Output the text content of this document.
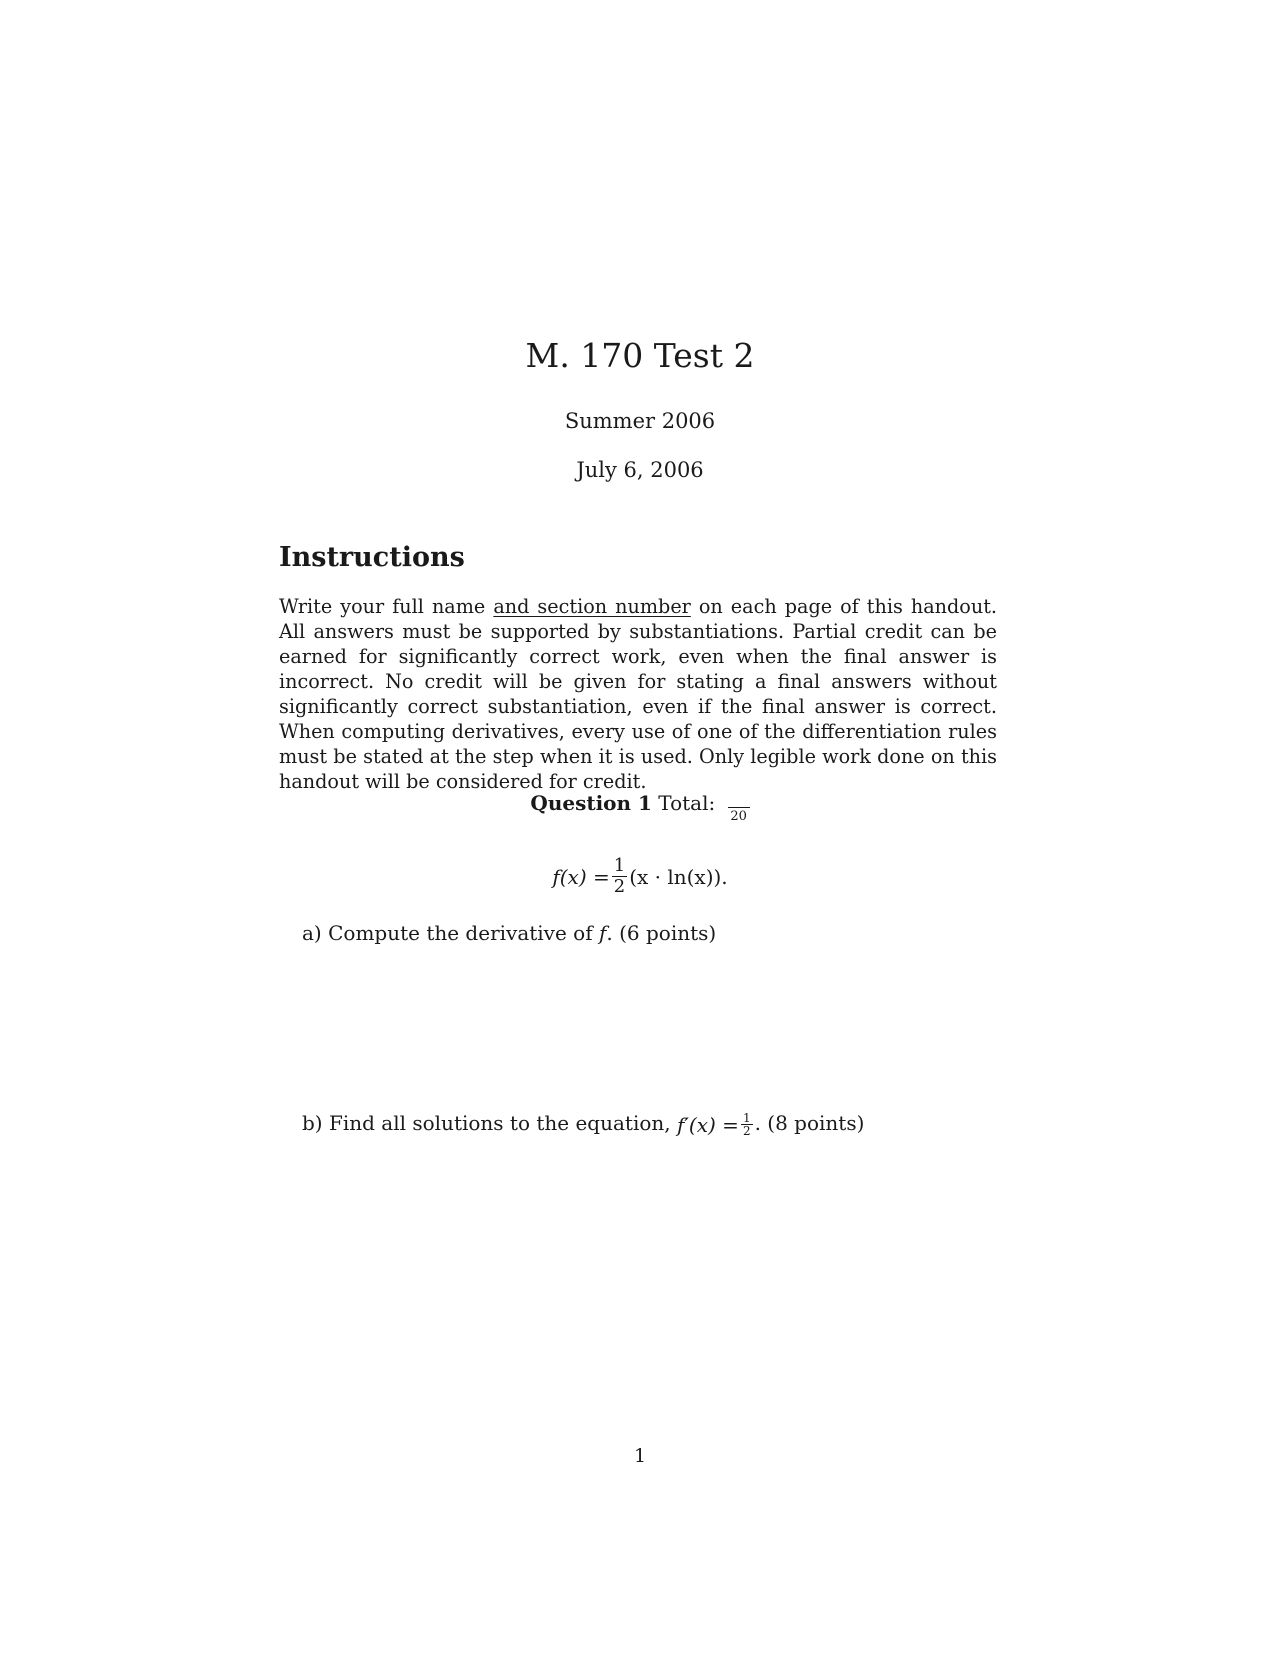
M. 170 Test 2
Summer 2006
July 6, 2006
Instructions
Write your full name and section number on each page of this handout. All answers must be supported by substantiations. Partial credit can be earned for significantly correct work, even when the final answer is incorrect. No credit will be given for stating a final answers without significantly correct substantiation, even if the final answer is correct. When computing derivatives, every use of one of the differentiation rules must be stated at the step when it is used. Only legible work done on this handout will be considered for credit.
Question 1 Total:
20
$f(x) = \frac{1}{2} (x \cdot \ln(x))$.
a) Compute the derivative of f. (6 points)
b) Find all solutions to the equation, $f'(x) = \frac{1}{2}$ . (8 points)
1
